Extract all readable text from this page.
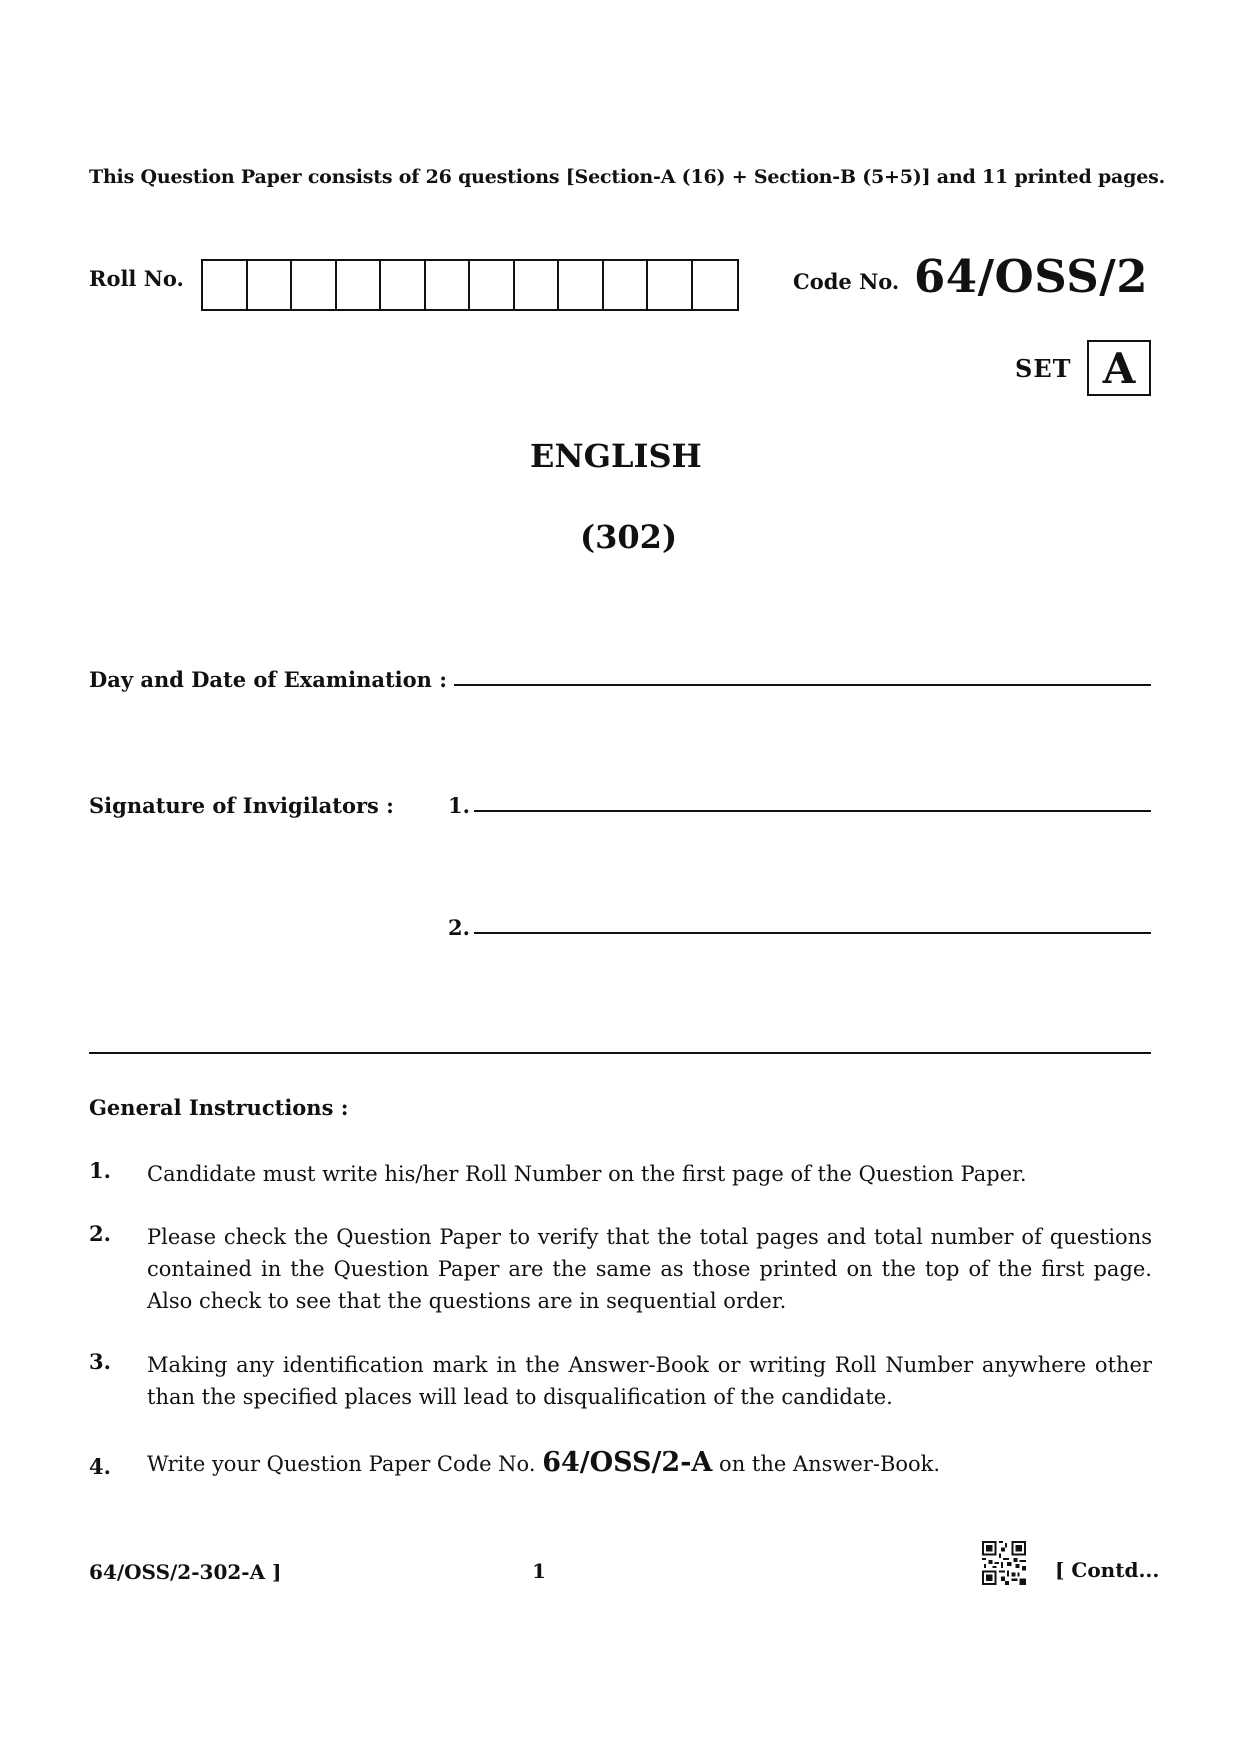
This Question Paper consists of 26 questions [Section-A (16) + Section-B (5+5)] and 11 printed pages.
Roll No.	Code No. 64/OSS/2
SET A
ENGLISH
(302)
Day and Date of Examination :
Signature of Invigilators :	1.
2.
General Instructions :
1. Candidate must write his/her Roll Number on the first page of the Question Paper.
2. Please check the Question Paper to verify that the total pages and total number of questions contained in the Question Paper are the same as those printed on the top of the first page. Also check to see that the questions are in sequential order.
3. Making any identification mark in the Answer-Book or writing Roll Number anywhere other than the specified places will lead to disqualification of the candidate.
4. Write your Question Paper Code No. 64/OSS/2-A on the Answer-Book.
64/OSS/2-302-A ]	1	[ Contd...
